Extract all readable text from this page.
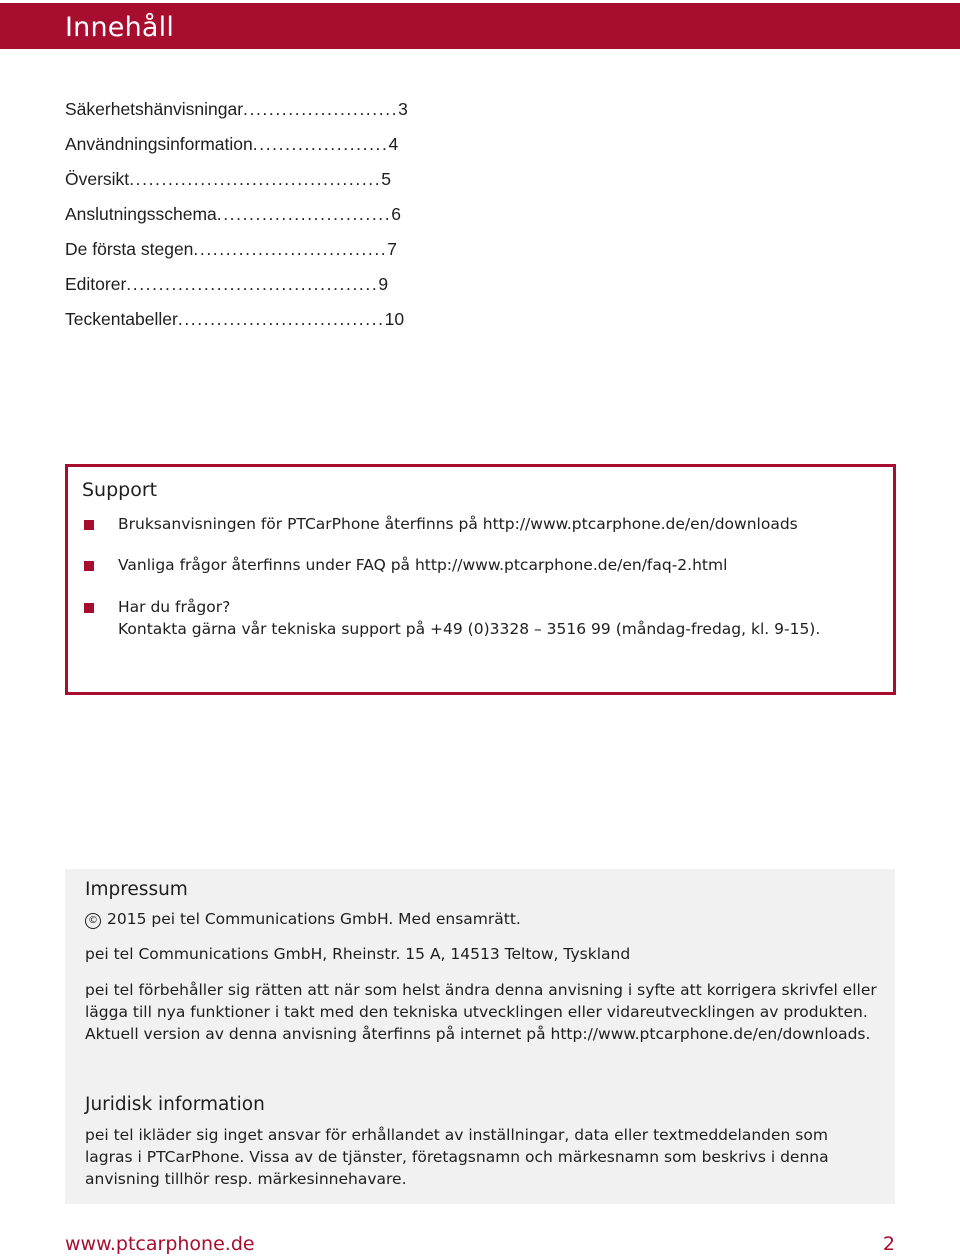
Innehåll
Säkerhetshänvisningar........................3
Användningsinformation.....................4
Översikt.......................................5
Anslutningsschema...........................6
De första stegen..............................7
Editorer.......................................9
Teckentabeller................................10
Support
Bruksanvisningen för PTCarPhone återfinns på http://www.ptcarphone.de/en/downloads
Vanliga frågor återfinns under FAQ på http://www.ptcarphone.de/en/faq-2.html
Har du frågor?
Kontakta gärna vår tekniska support på +49 (0)3328 – 3516 99 (måndag-fredag, kl. 9-15).
Impressum
© 2015 pei tel Communications GmbH. Med ensamrätt.
pei tel Communications GmbH, Rheinstr. 15 A, 14513 Teltow, Tyskland
pei tel förbehåller sig rätten att när som helst ändra denna anvisning i syfte att korrigera skrivfel eller lägga till nya funktioner i takt med den tekniska utvecklingen eller vidareutvecklingen av produkten. Aktuell version av denna anvisning återfinns på internet på http://www.ptcarphone.de/en/downloads.
Juridisk information
pei tel ikläder sig inget ansvar för erhållandet av inställningar, data eller textmeddelanden som lagras i PTCarPhone. Vissa av de tjänster, företagsnamn och märkesnamn som beskrivs i denna anvisning tillhör resp. märkesinnehavare.
www.ptcarphone.de	2
